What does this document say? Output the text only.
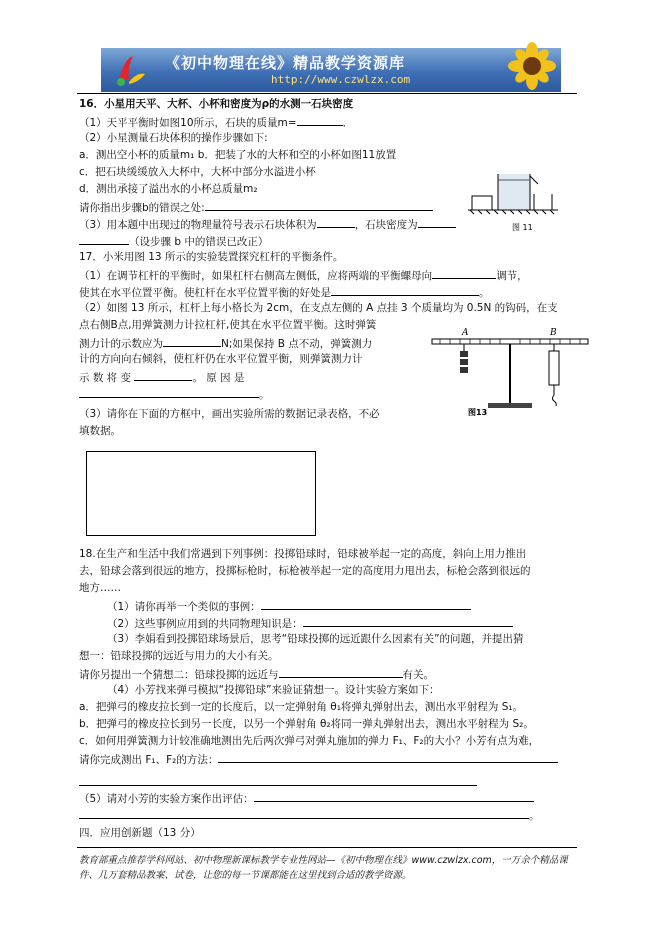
《初中物理在线》精品教学资源库
http://www.czwlzx.com
16．小星用天平、大杯、小杯和密度为ρ的水测一石块密度
（1）天平平衡时如图10所示，石块的质量m=	．
（2）小星测量石块体积的操作步骤如下:
a．测出空小杯的质量m₁ b．把装了水的大杯和空的小杯如图11放置
c．把石块缓缓放入大杯中，大杯中部分水溢进小杯
d．测出承接了溢出水的小杯总质量m₂
请你指出步骤b的错误之处:
（3）用本题中出现过的物理量符号表示石块体积为	，石块密度为
（设步骤 b 中的错误已改正）
图 11
17．小米用图 13 所示的实验装置探究杠杆的平衡条件。
（1）在调节杠杆的平衡时，如果杠杆右侧高左侧低，应将两端的平衡螺母向	调节，
使其在水平位置平衡。使杠杆在水平位置平衡的好处是	。
（2）如图 13 所示，杠杆上每小格长为 2cm，在支点左侧的 A 点挂 3 个质量均为 0.5N 的钩码，在支
点右侧B点,用弹簧测力计拉杠杆,使其在水平位置平衡。这时弹簧
测力计的示数应为	N;如果保持 B 点不动，弹簧测力
计的方向向右倾斜，使杠杆仍在水平位置平衡，则弹簧测力计
示 数 将 变	。 原 因 是
。
（3）请你在下面的方框中，画出实验所需的数据记录表格，不必
填数据。
A	B
图13
18.在生产和生活中我们常遇到下列事例：投掷铅球时，铅球被举起一定的高度，斜向上用力推出
去，铅球会落到很远的地方，投掷标枪时，标枪被举起一定的高度用力甩出去，标枪会落到很远的
地方……
（1）请你再举一个类似的事例：
（2）这些事例应用到的共同物理知识是：
（3）李娟看到投掷铅球场景后，思考“铅球投掷的远近跟什么因素有关”的问题，并提出猜
想一：铅球投掷的远近与用力的大小有关。
请你另提出一个猜想二：铅球投掷的远近与	有关。
（4）小芳找来弹弓模拟“投掷铅球”来验证猜想一。设计实验方案如下：
a．把弹弓的橡皮拉长到一定的长度后，以一定弹射角 θ₁将弹丸弹射出去，测出水平射程为 S₁。
b．把弹弓的橡皮拉长到另一长度，以另一个弹射角 θ₂将同一弹丸弹射出去，测出水平射程为 S₂。
c．如何用弹簧测力计较准确地测出先后两次弹弓对弹丸施加的弹力 F₁、F₂的大小？小芳有点为难，
请你完成测出 F₁、F₂的方法：
（5）请对小芳的实验方案作出评估：
。
四．应用创新题（13 分）
教育部重点推荐学科网站、初中物理新课标教学专业性网站—《初中物理在线》www.czwlzx.com，一万余个精品课
件、几万套精品教案、试卷，让您的每一节课都能在这里找到合适的教学资源。
